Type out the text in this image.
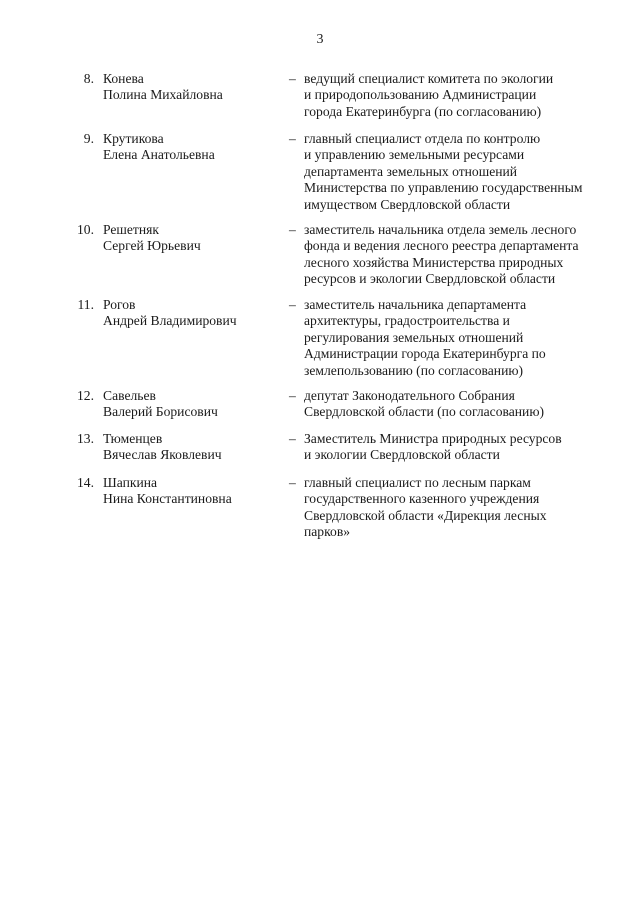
3
8. Конева
Полина Михайловна
– ведущий специалист комитета по экологии
и природопользованию Администрации
города Екатеринбурга (по согласованию)
9. Крутикова
Елена Анатольевна
– главный специалист отдела по контролю
и управлению земельными ресурсами
департамента земельных отношений
Министерства по управлению государственным
имуществом Свердловской области
10. Решетняк
Сергей Юрьевич
– заместитель начальника отдела земель лесного
фонда и ведения лесного реестра департамента
лесного хозяйства Министерства природных
ресурсов и экологии Свердловской области
11. Рогов
Андрей Владимирович
– заместитель начальника департамента
архитектуры, градостроительства и
регулирования земельных отношений
Администрации города Екатеринбурга по
землепользованию (по согласованию)
12. Савельев
Валерий Борисович
– депутат Законодательного Собрания
Свердловской области (по согласованию)
13. Тюменцев
Вячеслав Яковлевич
– Заместитель Министра природных ресурсов
и экологии Свердловской области
14. Шапкина
Нина Константиновна
– главный специалист по лесным паркам
государственного казенного учреждения
Свердловской области «Дирекция лесных
парков»
